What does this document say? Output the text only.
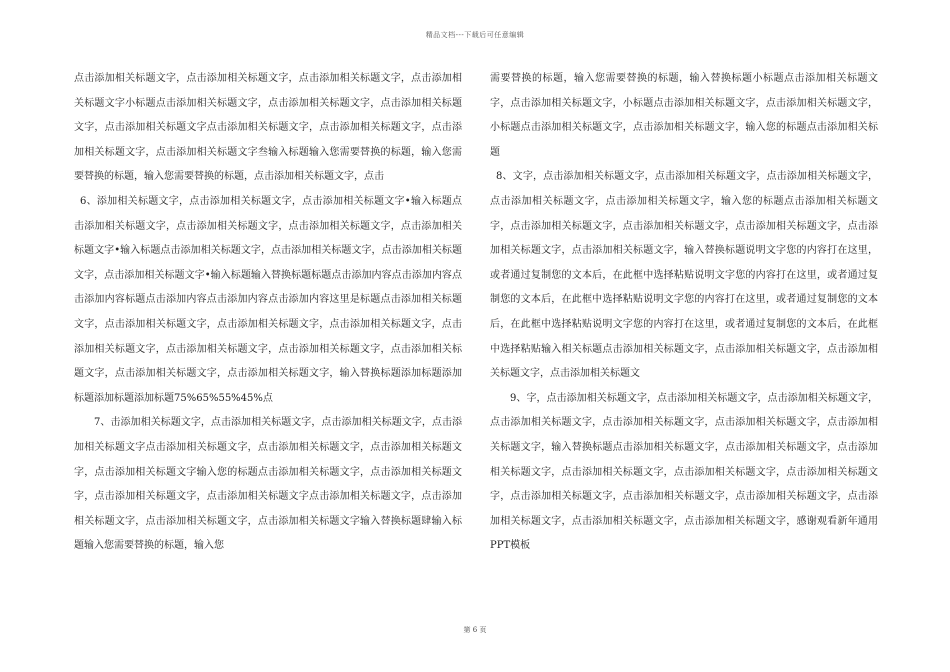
精品文档---下载后可任意编辑

点击添加相关标题文字，点击添加相关标题文字，点击添加相关标题文字，点击添加相关标题文字小标题点击添加相关标题文字，点击添加相关标题文字，点击添加相关标题文字，点击添加相关标题文字点击添加相关标题文字，点击添加相关标题文字，点击添加相关标题文字，点击添加相关标题文字叁输入标题输入您需要替换的标题，输入您需要替换的标题，输入您需要替换的标题，点击添加相关标题文字，点击

6、添加相关标题文字，点击添加相关标题文字，点击添加相关标题文字•输入标题点击添加相关标题文字，点击添加相关标题文字，点击添加相关标题文字，点击添加相关标题文字•输入标题点击添加相关标题文字，点击添加相关标题文字，点击添加相关标题文字，点击添加相关标题文字•输入标题输入替换标题标题点击添加内容点击添加内容点击添加内容标题点击添加内容点击添加内容点击添加内容这里是标题点击添加相关标题文字，点击添加相关标题文字，点击添加相关标题文字，点击添加相关标题文字，点击添加相关标题文字，点击添加相关标题文字，点击添加相关标题文字，点击添加相关标题文字，点击添加相关标题文字，点击添加相关标题文字，输入替换标题添加标题添加标题添加标题添加标题75%65%55%45%点

7、击添加相关标题文字，点击添加相关标题文字，点击添加相关标题文字，点击添加相关标题文字点击添加相关标题文字，点击添加相关标题文字，点击添加相关标题文字，点击添加相关标题文字输入您的标题点击添加相关标题文字，点击添加相关标题文字，点击添加相关标题文字，点击添加相关标题文字点击添加相关标题文字，点击添加相关标题文字，点击添加相关标题文字，点击添加相关标题文字输入替换标题肆输入标题输入您需要替换的标题，输入您

需要替换的标题，输入您需要替换的标题，输入替换标题小标题点击添加相关标题文字，点击添加相关标题文字，小标题点击添加相关标题文字，点击添加相关标题文字，小标题点击添加相关标题文字，点击添加相关标题文字，输入您的标题点击添加相关标题

8、文字，点击添加相关标题文字，点击添加相关标题文字，点击添加相关标题文字，点击添加相关标题文字，点击添加相关标题文字，输入您的标题点击添加相关标题文字，点击添加相关标题文字，点击添加相关标题文字，点击添加相关标题文字，点击添加相关标题文字，点击添加相关标题文字，输入替换标题说明文字您的内容打在这里，或者通过复制您的文本后，在此框中选择粘贴说明文字您的内容打在这里，或者通过复制您的文本后，在此框中选择粘贴说明文字您的内容打在这里，或者通过复制您的文本后，在此框中选择粘贴说明文字您的内容打在这里，或者通过复制您的文本后，在此框中选择粘贴输入相关标题点击添加相关标题文字，点击添加相关标题文字，点击添加相关标题文字，点击添加相关标题文

9、字，点击添加相关标题文字，点击添加相关标题文字，点击添加相关标题文字，点击添加相关标题文字，点击添加相关标题文字，点击添加相关标题文字，点击添加相关标题文字，输入替换标题点击添加相关标题文字，点击添加相关标题文字，点击添加相关标题文字，点击添加相关标题文字，点击添加相关标题文字，点击添加相关标题文字，点击添加相关标题文字，点击添加相关标题文字，点击添加相关标题文字，点击添加相关标题文字，点击添加相关标题文字，点击添加相关标题文字，感谢观看新年通用PPT模板

第 6 页
